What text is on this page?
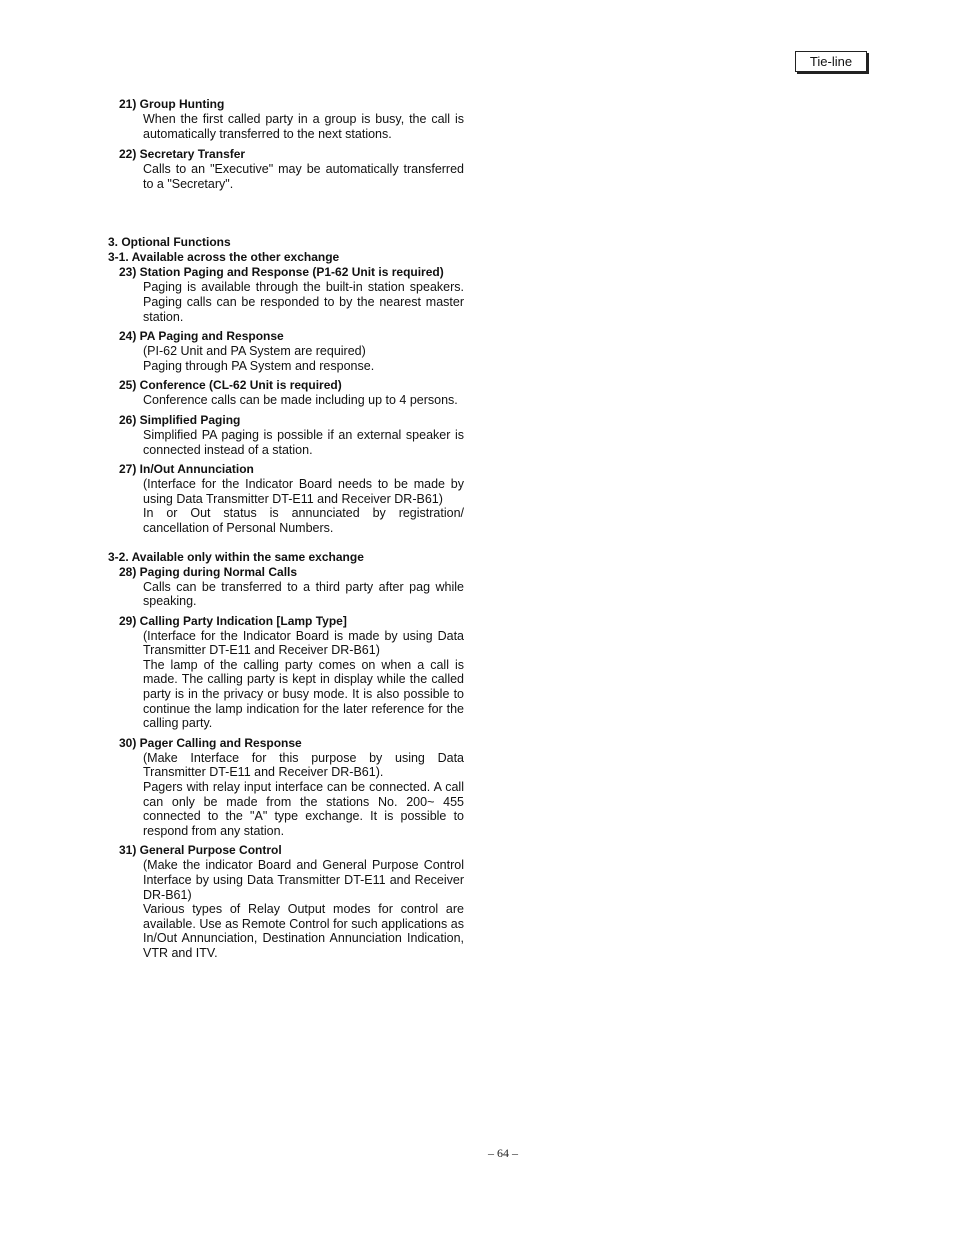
Tie-line
21) Group Hunting

When the first called party in a group is busy, the call is automatically transferred to the next stations.

22) Secretary Transfer

Calls to an "Executive" may be automatically transferred to a "Secretary".

3. Optional Functions
3-1. Available across the other exchange
23) Station Paging and Response (P1-62 Unit is required)

Paging is available through the built-in station speakers. Paging calls can be responded to by the nearest master station.

24) PA Paging and Response

(PI-62 Unit and PA System are required)

Paging through PA System and response.

25) Conference (CL-62 Unit is required)

Conference calls can be made including up to 4 persons.

26) Simplified Paging

Simplified PA paging is possible if an external speaker is connected instead of a station.

27) In/Out Annunciation

(Interface for the Indicator Board needs to be made by using Data Transmitter DT-E11 and Receiver DR-B61)

In or Out status is annunciated by registration/ cancellation of Personal Numbers.

3-2. Available only within the same exchange
28) Paging during Normal Calls

Calls can be transferred to a third party after pag while speaking.

29) Calling Party Indication [Lamp Type]

(Interface for the Indicator Board is made by using Data Transmitter DT-E11 and Receiver DR-B61)

The lamp of the calling party comes on when a call is made. The calling party is kept in display while the called party is in the privacy or busy mode. It is also possible to continue the lamp indication for the later reference for the calling party.

30) Pager Calling and Response

(Make Interface for this purpose by using Data Transmitter DT-E11 and Receiver DR-B61).

Pagers with relay input interface can be connected. A call can only be made from the stations No. 200~ 455 connected to the "A" type exchange. It is possible to respond from any station.

31) General Purpose Control

(Make the indicator Board and General Purpose Control Interface by using Data Transmitter DT-E11 and Receiver DR-B61)

Various types of Relay Output modes for control are available. Use as Remote Control for such applications as In/Out Annunciation, Destination Annunciation Indication, VTR and ITV.

– 64 –
